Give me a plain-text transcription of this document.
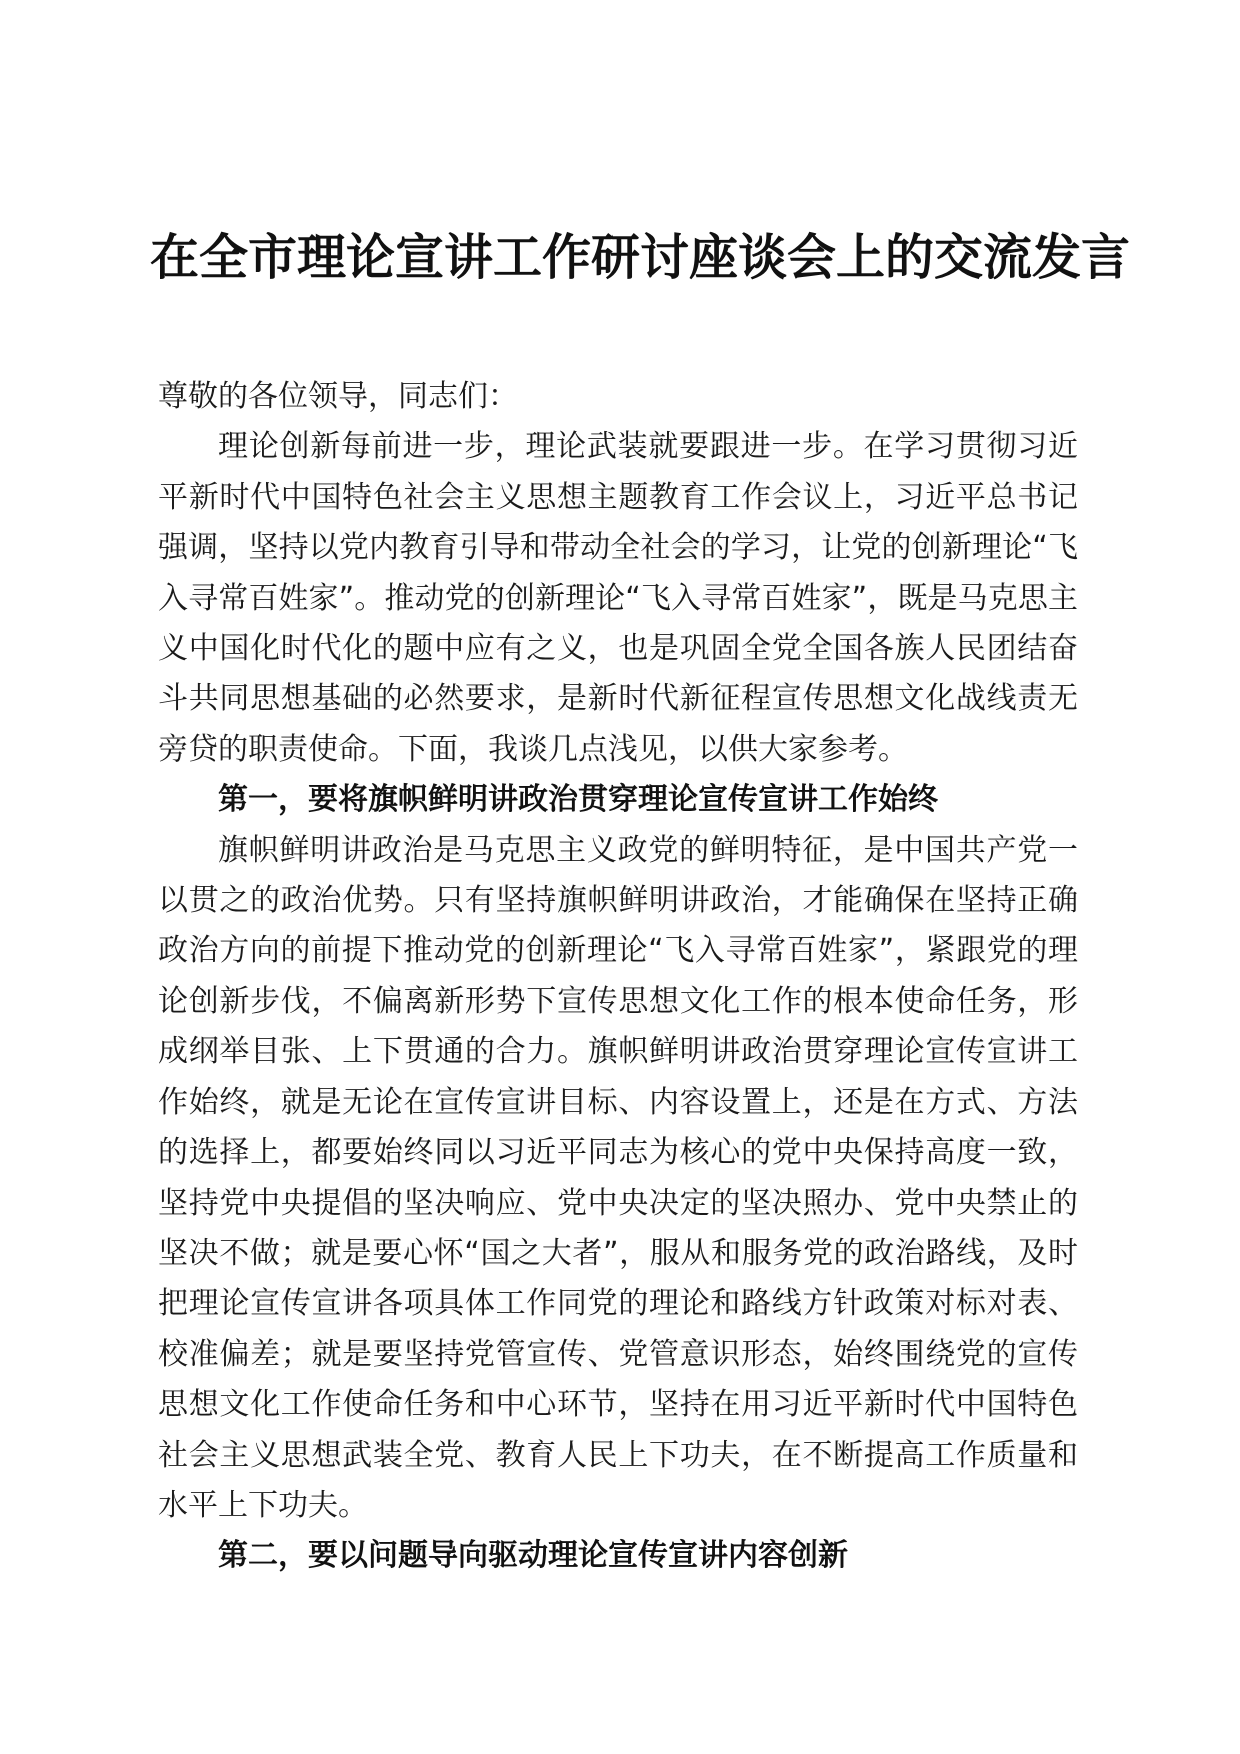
在全市理论宣讲工作研讨座谈会上的交流发言

尊敬的各位领导，同志们：

理论创新每前进一步，理论武装就要跟进一步。在学习贯彻习近平新时代中国特色社会主义思想主题教育工作会议上，习近平总书记强调，坚持以党内教育引导和带动全社会的学习，让党的创新理论“飞入寻常百姓家”。推动党的创新理论“飞入寻常百姓家”，既是马克思主义中国化时代化的题中应有之义，也是巩固全党全国各族人民团结奋斗共同思想基础的必然要求，是新时代新征程宣传思想文化战线责无旁贷的职责使命。下面，我谈几点浅见，以供大家参考。

第一，要将旗帜鲜明讲政治贯穿理论宣传宣讲工作始终

旗帜鲜明讲政治是马克思主义政党的鲜明特征，是中国共产党一以贯之的政治优势。只有坚持旗帜鲜明讲政治，才能确保在坚持正确政治方向的前提下推动党的创新理论“飞入寻常百姓家”，紧跟党的理论创新步伐，不偏离新形势下宣传思想文化工作的根本使命任务，形成纲举目张、上下贯通的合力。旗帜鲜明讲政治贯穿理论宣传宣讲工作始终，就是无论在宣传宣讲目标、内容设置上，还是在方式、方法的选择上，都要始终同以习近平同志为核心的党中央保持高度一致，坚持党中央提倡的坚决响应、党中央决定的坚决照办、党中央禁止的坚决不做；就是要心怀“国之大者”，服从和服务党的政治路线，及时把理论宣传宣讲各项具体工作同党的理论和路线方针政策对标对表、校准偏差；就是要坚持党管宣传、党管意识形态，始终围绕党的宣传思想文化工作使命任务和中心环节，坚持在用习近平新时代中国特色社会主义思想武装全党、教育人民上下功夫，在不断提高工作质量和水平上下功夫。

第二，要以问题导向驱动理论宣传宣讲内容创新
